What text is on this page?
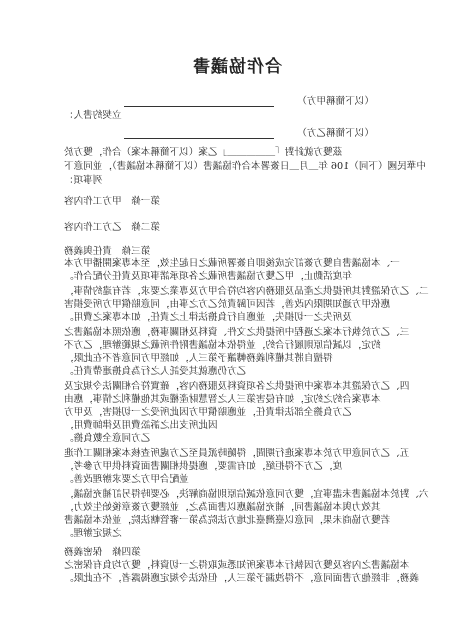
合作協議書
立契約書人：
（以下簡稱甲方）
（以下簡稱乙方）
茲雙方就針對「＿＿＿＿＿」乙案（以下簡稱本案）合作，雙方於
中華民國（下同）106 年＿月＿日簽署本合作協議書（以下簡稱本協議書），並同意下
列事項：
第一條　甲方工作內容
第二條　乙方工作內容
第三條　責任與義務
一、本協議書自雙方簽訂完成後即自簽署所載之日起生效，至本專案開播甲方本
　　年度活動止，甲乙雙方協議書所載之各項承諾事項及責任分配合作。
二、乙方保證對其所提供之產品及服務內容均符合甲方及專業之要求，若有違約情事，
　　應依甲方通知期限內改善，若因可歸責於乙方之事由，同意賠償甲方所受損害
　　及所失之一切損失，並應自行負擔法律上之責任，如本專案之費用。
三、乙方於執行本案之過程中所提供之文件、資料及相關事務，應依照本協議書之
　　約定，以誠信原則履行合約，並得依本協議書附件所載之規範辦理，乙方不
　　得擅自將其權利義務轉讓予第三人，如經甲方同意者不在此限，
　　乙方仍應就其受託人之行為負擔連帶責任。
四、乙方保證其本專案中所提供之各項資料及服務內容，確實符合相關法令規定及
　　本專案合約之約定，如有侵害第三人之智慧財產權或其他權利之情事，應由
　　乙方負擔全部法律責任，並應賠償甲方因此所受之一切損害，及甲方
　　因此所支出之訴訟費用及律師費用，
　　乙方同意全數負擔。
五、乙方同意甲方於本專案進行期間，得隨時派員至乙方處所查核本案相關工作進
　　度，乙方不得拒絕，如有需要，應提供相關書面資料供甲方參考，
　　並配合甲方之要求辦理改善。
六、對於本協議書未盡事宜，雙方同意依誠信原則協商解決，必要時得另訂補充協議，
　　其效力與本協議書同，補充協議應以書面為之，並經雙方簽章後始生效力，
　　若雙方協商未果，同意以臺灣臺北地方法院為第一審管轄法院，並依本協議書
　　之規定辦理。
第四條　保密義務
本協議書之內容及雙方因執行本專案所知悉或取得之一切資料，雙方均負有保密之
義務，非經他方書面同意，不得洩漏予第三人，但依法令規定應揭露者，不在此限。
